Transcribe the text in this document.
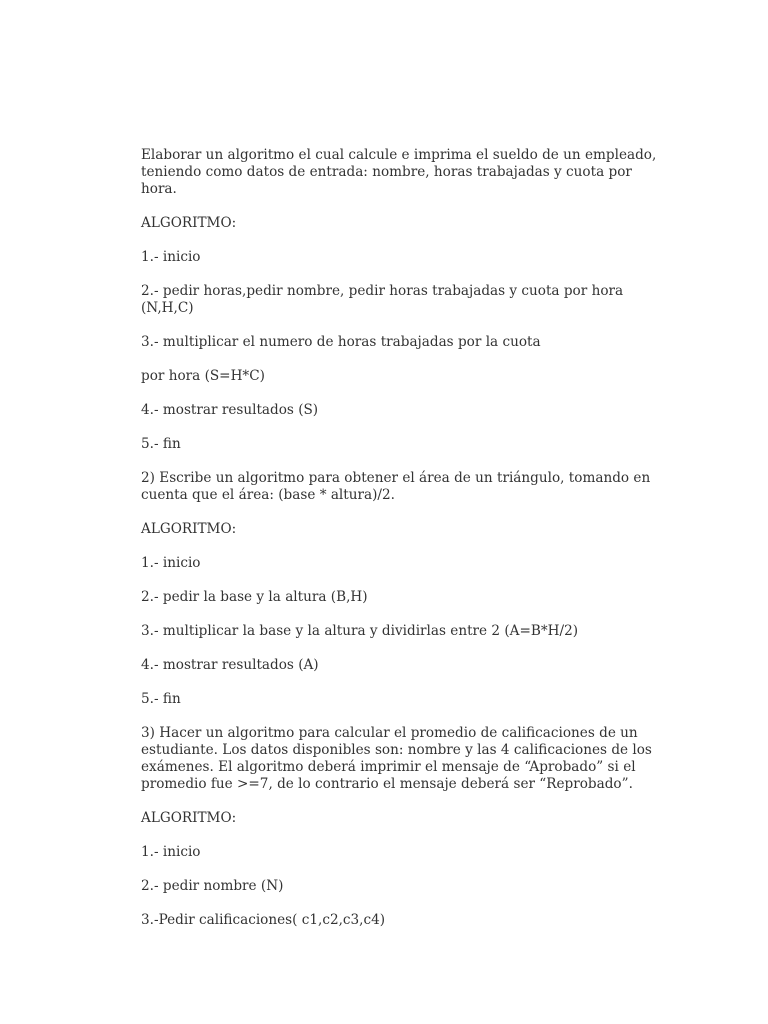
Elaborar un algoritmo el cual calcule e imprima el sueldo de un empleado, teniendo como datos de entrada: nombre, horas trabajadas y cuota por hora.

ALGORITMO:

1.- inicio

2.- pedir horas,pedir nombre, pedir horas trabajadas y cuota por hora (N,H,C)

3.- multiplicar el numero de horas trabajadas por la cuota

por hora (S=H*C)

4.- mostrar resultados (S)

5.- fin

2) Escribe un algoritmo para obtener el área de un triángulo, tomando en cuenta que el área: (base * altura)/2.

ALGORITMO:

1.- inicio

2.- pedir la base y la altura (B,H)

3.- multiplicar la base y la altura y dividirlas entre 2 (A=B*H/2)

4.- mostrar resultados (A)

5.- fin

3) Hacer un algoritmo para calcular el promedio de calificaciones de un estudiante. Los datos disponibles son: nombre y las 4 calificaciones de los exámenes. El algoritmo deberá imprimir el mensaje de “Aprobado” si el promedio fue >=7, de lo contrario el mensaje deberá ser “Reprobado”.

ALGORITMO:

1.- inicio

2.- pedir nombre (N)

3.-Pedir calificaciones( c1,c2,c3,c4)
